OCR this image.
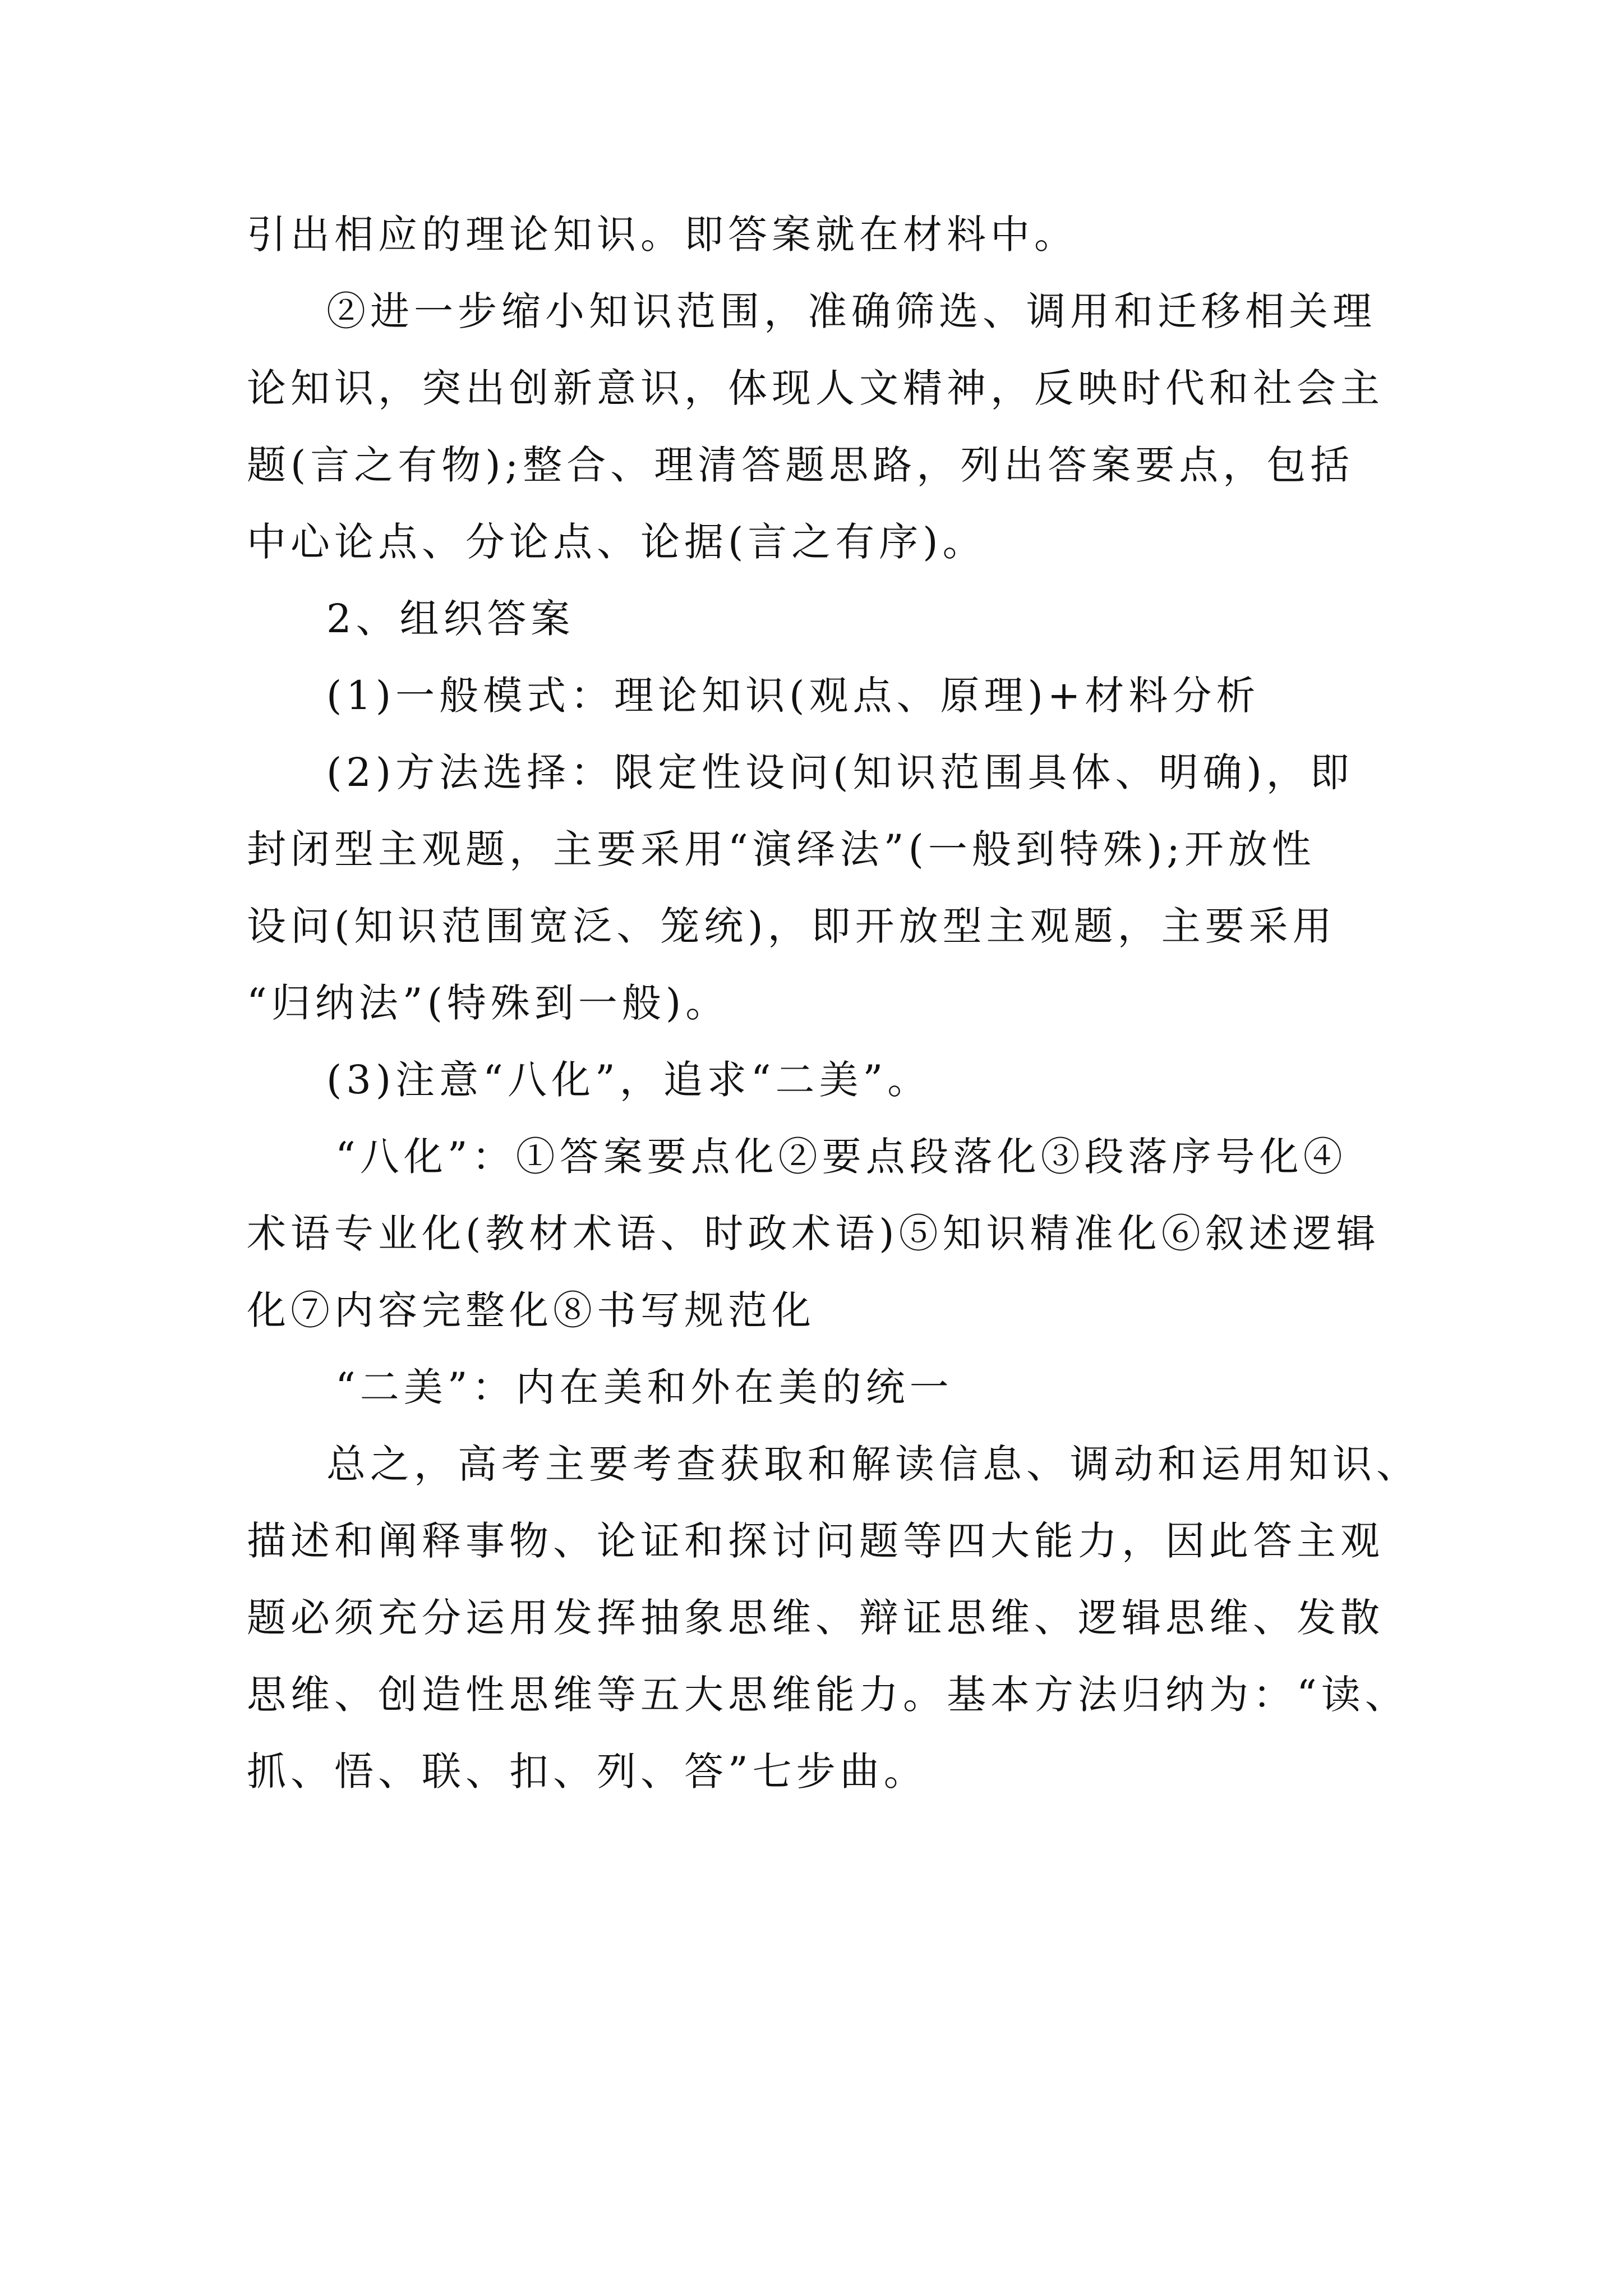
引出相应的理论知识。即答案就在材料中。
②进一步缩小知识范围，准确筛选、调用和迁移相关理
论知识，突出创新意识，体现人文精神，反映时代和社会主
题(言之有物);整合、理清答题思路，列出答案要点，包括
中心论点、分论点、论据(言之有序)。
2、组织答案
(1)一般模式：理论知识(观点、原理)+材料分析
(2)方法选择：限定性设问(知识范围具体、明确)，即
封闭型主观题，主要采用“演绎法”(一般到特殊);开放性
设问(知识范围宽泛、笼统)，即开放型主观题，主要采用
“归纳法”(特殊到一般)。
(3)注意“八化”，追求“二美”。
“八化”：①答案要点化②要点段落化③段落序号化④
术语专业化(教材术语、时政术语)⑤知识精准化⑥叙述逻辑
化⑦内容完整化⑧书写规范化
“二美”：内在美和外在美的统一
总之，高考主要考查获取和解读信息、调动和运用知识、
描述和阐释事物、论证和探讨问题等四大能力，因此答主观
题必须充分运用发挥抽象思维、辩证思维、逻辑思维、发散
思维、创造性思维等五大思维能力。基本方法归纳为：“读、
抓、悟、联、扣、列、答”七步曲。
